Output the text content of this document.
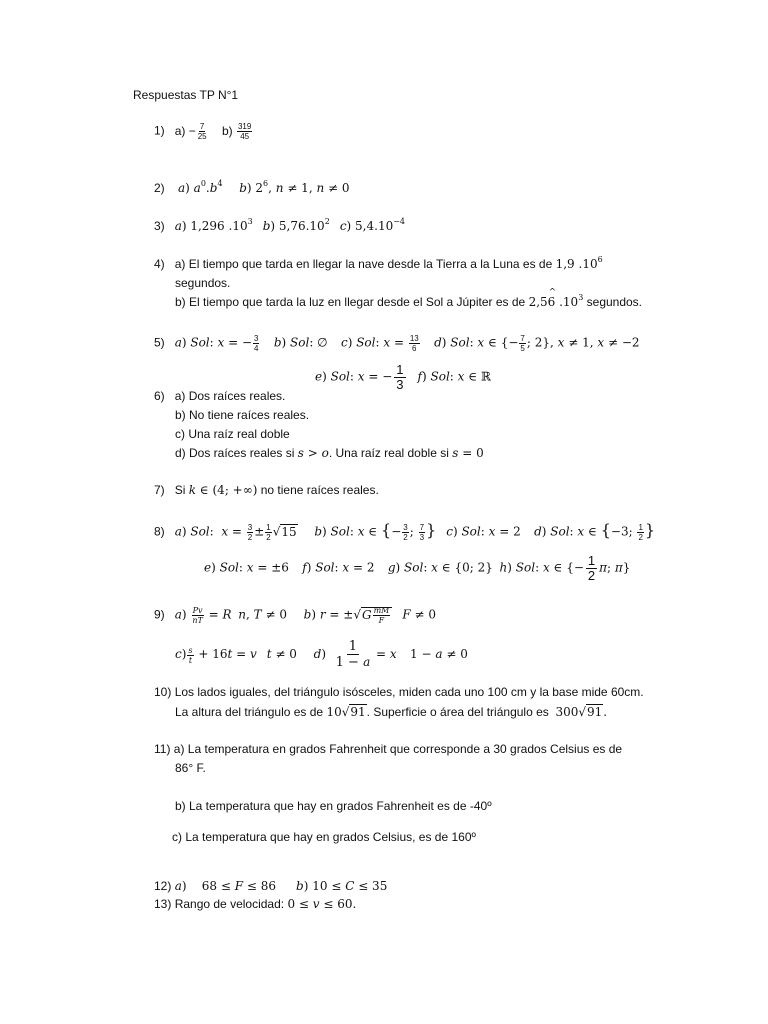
Respuestas TP N°1
1) $a) - \frac{7}{25} b) \frac{319}{45}$
2) a) $a^0.b^4$ b) $2^6$, n ≠ 1, n ≠ 0
3) a) 1,296 $.10^3$ b) 5,76.10$^2$ c) $5,4.10^{-4}$
4) a) El tiempo que tarda en llegar la nave desde la Tierra a la Luna es de 1,9 $.10^6$
segundos.
b) El tiempo que tarda la luz en llegar desde el Sol a Júpiter es de 2,56
^
$.10^3$ segundos.
5) a) Sol: x = − $\frac{3}{4} b$) Sol: ∅ c) Sol: $x = \frac{13}{6} d$) Sol: x ∈ {− $\frac{7}{5}$ ; 2}, x ≠ 1, x ≠ −2
e) Sol: x = − $\frac{1}{3} f$) Sol: x ∈ ℝ
6) a) Dos raíces reales.
b) No tiene raíces reales.
c) Una raíz real doble
d) Dos raíces reales si s > o. Una raíz real doble si s = 0
7) Si k ∈ (4; +∞) no tiene raíces reales.
8) a) Sol:  $x = \frac{3}{2} \pm \frac{1}{2} √15$ b) Sol: x ∈ {− $\frac{3}{2}$ ; $\frac{7}{3}$ } c) Sol: x = 2 d) Sol: x ∈ {−3; $\frac{1}{2}$ }
e) Sol: x = ±6 f) Sol: x = 2 g) Sol: x ∈ {0; 2} h) Sol: x ∈ {− $\frac{1}{2} \pi$; π}
9) $a) \frac{Pv}{nT} = R$ n, T ≠ 0 b) $r = \pm√G \frac{mM}{F}$ F ≠ 0
$c) \frac{s}{t} + 16t = v$ t ≠ 0 $d) \frac{1}{1 - a} = x$ 1 − a ≠ 0
10) Los lados iguales, del triángulo isósceles, miden cada uno 100 cm y la base mide 60cm.
La altura del triángulo es de 10√91. Superficie o área del triángulo es 300√91.
11) a) La temperatura en grados Fahrenheit que corresponde a 30 grados Celsius es de
86° F.
b) La temperatura que hay en grados Fahrenheit es de -40º
c) La temperatura que hay en grados Celsius, es de 160º
12) a)    68 ≤ F ≤ 86 b) 10 ≤ C ≤ 35
13) Rango de velocidad: 0 ≤ v ≤ 60.
